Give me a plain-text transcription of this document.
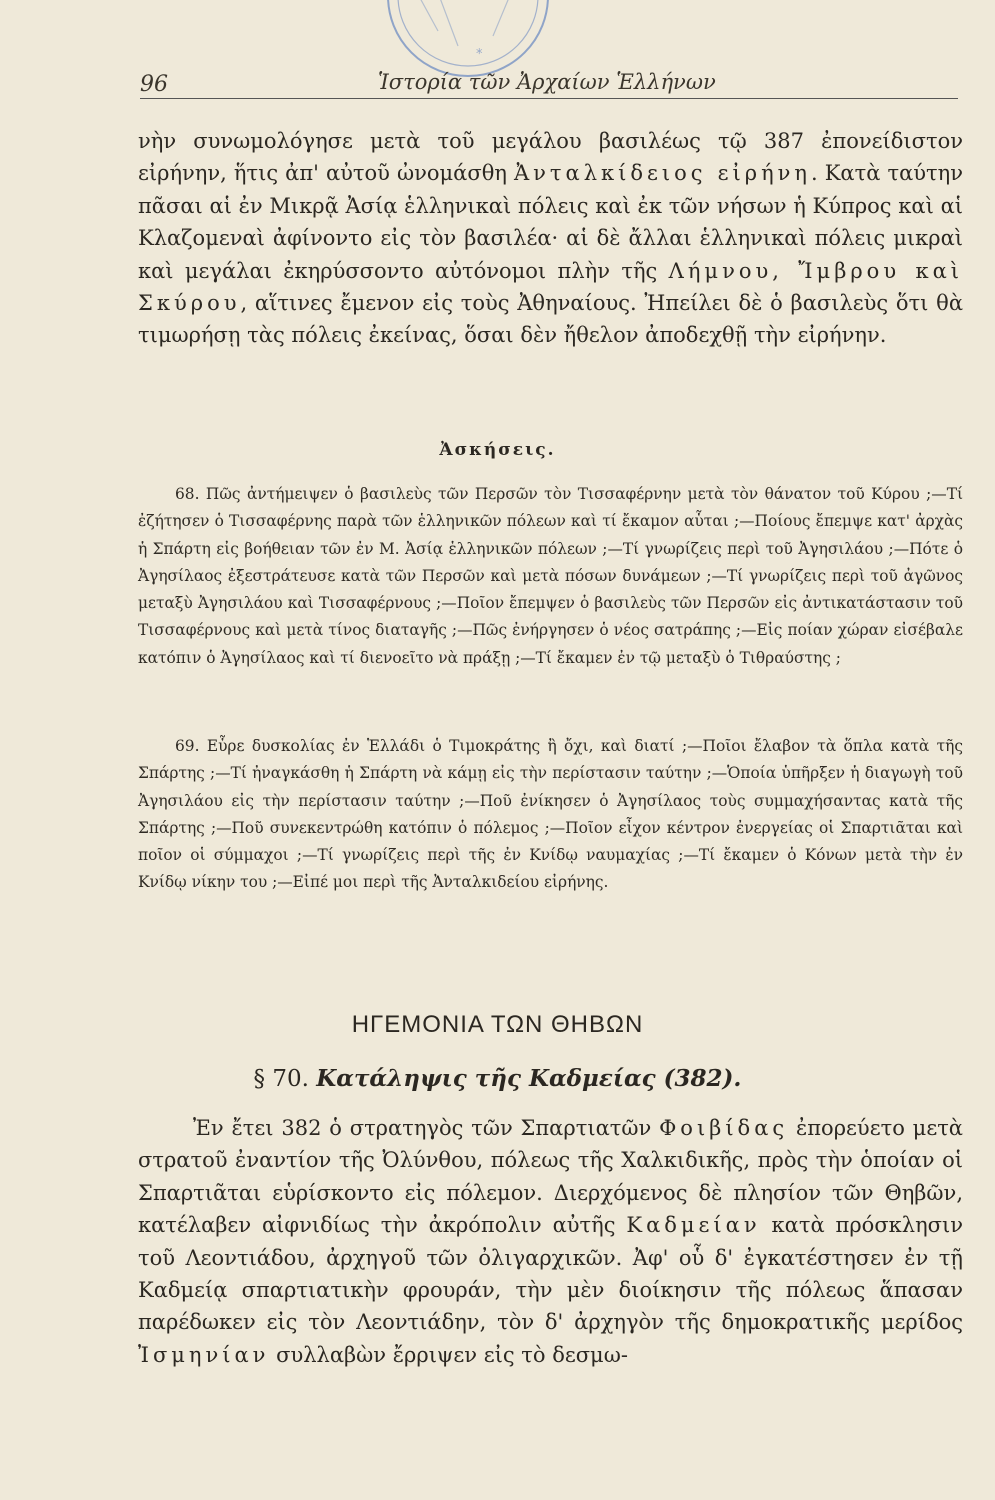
*
96	Ἱστορία τῶν Ἀρχαίων Ἑλλήνων

νὴν συνωμολόγησε μετὰ τοῦ μεγάλου βασιλέως τῷ 387 ἐπονείδιστον εἰρήνην, ἥτις ἀπ' αὐτοῦ ὠνομάσθη Ἀνταλκίδειος εἰρήνη. Κατὰ ταύτην πᾶσαι αἱ ἐν Μικρᾷ Ἀσίᾳ ἑλληνικαὶ πόλεις καὶ ἐκ τῶν νήσων ἡ Κύπρος καὶ αἱ Κλαζομεναὶ ἀφίνοντο εἰς τὸν βασιλέα· αἱ δὲ ἄλλαι ἑλληνικαὶ πόλεις μικραὶ καὶ μεγάλαι ἐκηρύσσοντο αὐτόνομοι πλὴν τῆς Λήμνου, Ἴμβρου καὶ Σκύρου, αἵτινες ἔμενον εἰς τοὺς Ἀθηναίους. Ἠπείλει δὲ ὁ βασιλεὺς ὅτι θὰ τιμωρήσῃ τὰς πόλεις ἐκείνας, ὅσαι δὲν ἤθελον ἀποδεχθῇ τὴν εἰρήνην.

Ἀσκήσεις.

68. Πῶς ἀντήμειψεν ὁ βασιλεὺς τῶν Περσῶν τὸν Τισσαφέρνην μετὰ τὸν θάνατον τοῦ Κύρου ;—Τί ἐζήτησεν ὁ Τισσαφέρνης παρὰ τῶν ἑλληνικῶν πόλεων καὶ τί ἔκαμον αὗται ;—Ποίους ἔπεμψε κατ' ἀρχὰς ἡ Σπάρτη εἰς βοήθειαν τῶν ἐν Μ. Ἀσίᾳ ἑλληνικῶν πόλεων ;—Τί γνωρίζεις περὶ τοῦ Ἀγησιλάου ;—Πότε ὁ Ἀγησίλαος ἐξεστράτευσε κατὰ τῶν Περσῶν καὶ μετὰ πόσων δυνάμεων ;—Τί γνωρίζεις περὶ τοῦ ἀγῶνος μεταξὺ Ἀγησιλάου καὶ Τισσαφέρνους ;—Ποῖον ἔπεμψεν ὁ βασιλεὺς τῶν Περσῶν εἰς ἀντικατάστασιν τοῦ Τισσαφέρνους καὶ μετὰ τίνος διαταγῆς ;—Πῶς ἐνήργησεν ὁ νέος σατράπης ;—Εἰς ποίαν χώραν εἰσέβαλε κατόπιν ὁ Ἀγησίλαος καὶ τί διενοεῖτο νὰ πράξῃ ;—Τί ἔκαμεν ἐν τῷ μεταξὺ ὁ Τιθραύστης ;

69. Εὗρε δυσκολίας ἐν Ἑλλάδι ὁ Τιμοκράτης ἢ ὄχι, καὶ διατί ;—Ποῖοι ἔλαβον τὰ ὅπλα κατὰ τῆς Σπάρτης ;—Τί ἠναγκάσθη ἡ Σπάρτη νὰ κάμῃ εἰς τὴν περίστασιν ταύτην ;—Ὁποία ὑπῆρξεν ἡ διαγωγὴ τοῦ Ἀγησιλάου εἰς τὴν περίστασιν ταύτην ;—Ποῦ ἐνίκησεν ὁ Ἀγησίλαος τοὺς συμμαχήσαντας κατὰ τῆς Σπάρτης ;—Ποῦ συνεκεντρώθη κατόπιν ὁ πόλεμος ;—Ποῖον εἶχον κέντρον ἐνεργείας οἱ Σπαρτιᾶται καὶ ποῖον οἱ σύμμαχοι ;—Τί γνωρίζεις περὶ τῆς ἐν Κνίδῳ ναυμαχίας ;—Τί ἔκαμεν ὁ Κόνων μετὰ τὴν ἐν Κνίδῳ νίκην του ;—Εἰπέ μοι περὶ τῆς Ἀνταλκιδείου εἰρήνης.

ΗΓΕΜΟΝΙΑ ΤΩΝ ΘΗΒΩΝ
§ 70. Κατάληψις τῆς Καδμείας (382).

Ἐν ἔτει 382 ὁ στρατηγὸς τῶν Σπαρτιατῶν Φοιβίδας ἐπορεύετο μετὰ στρατοῦ ἐναντίον τῆς Ὀλύνθου, πόλεως τῆς Χαλκιδικῆς, πρὸς τὴν ὁποίαν οἱ Σπαρτιᾶται εὑρίσκοντο εἰς πόλεμον. Διερχόμενος δὲ πλησίον τῶν Θηβῶν, κατέλαβεν αἰφνιδίως τὴν ἀκρόπολιν αὐτῆς Καδμείαν κατὰ πρόσκλησιν τοῦ Λεοντιάδου, ἀρχηγοῦ τῶν ὀλιγαρχικῶν. Ἀφ' οὗ δ' ἐγκατέστησεν ἐν τῇ Καδμείᾳ σπαρτιατικὴν φρουράν, τὴν μὲν διοίκησιν τῆς πόλεως ἅπασαν παρέδωκεν εἰς τὸν Λεοντιάδην, τὸν δ' ἀρχηγὸν τῆς δημοκρατικῆς μερίδος Ἰσμηνίαν συλλαβὼν ἔρριψεν εἰς τὸ δεσμω-
